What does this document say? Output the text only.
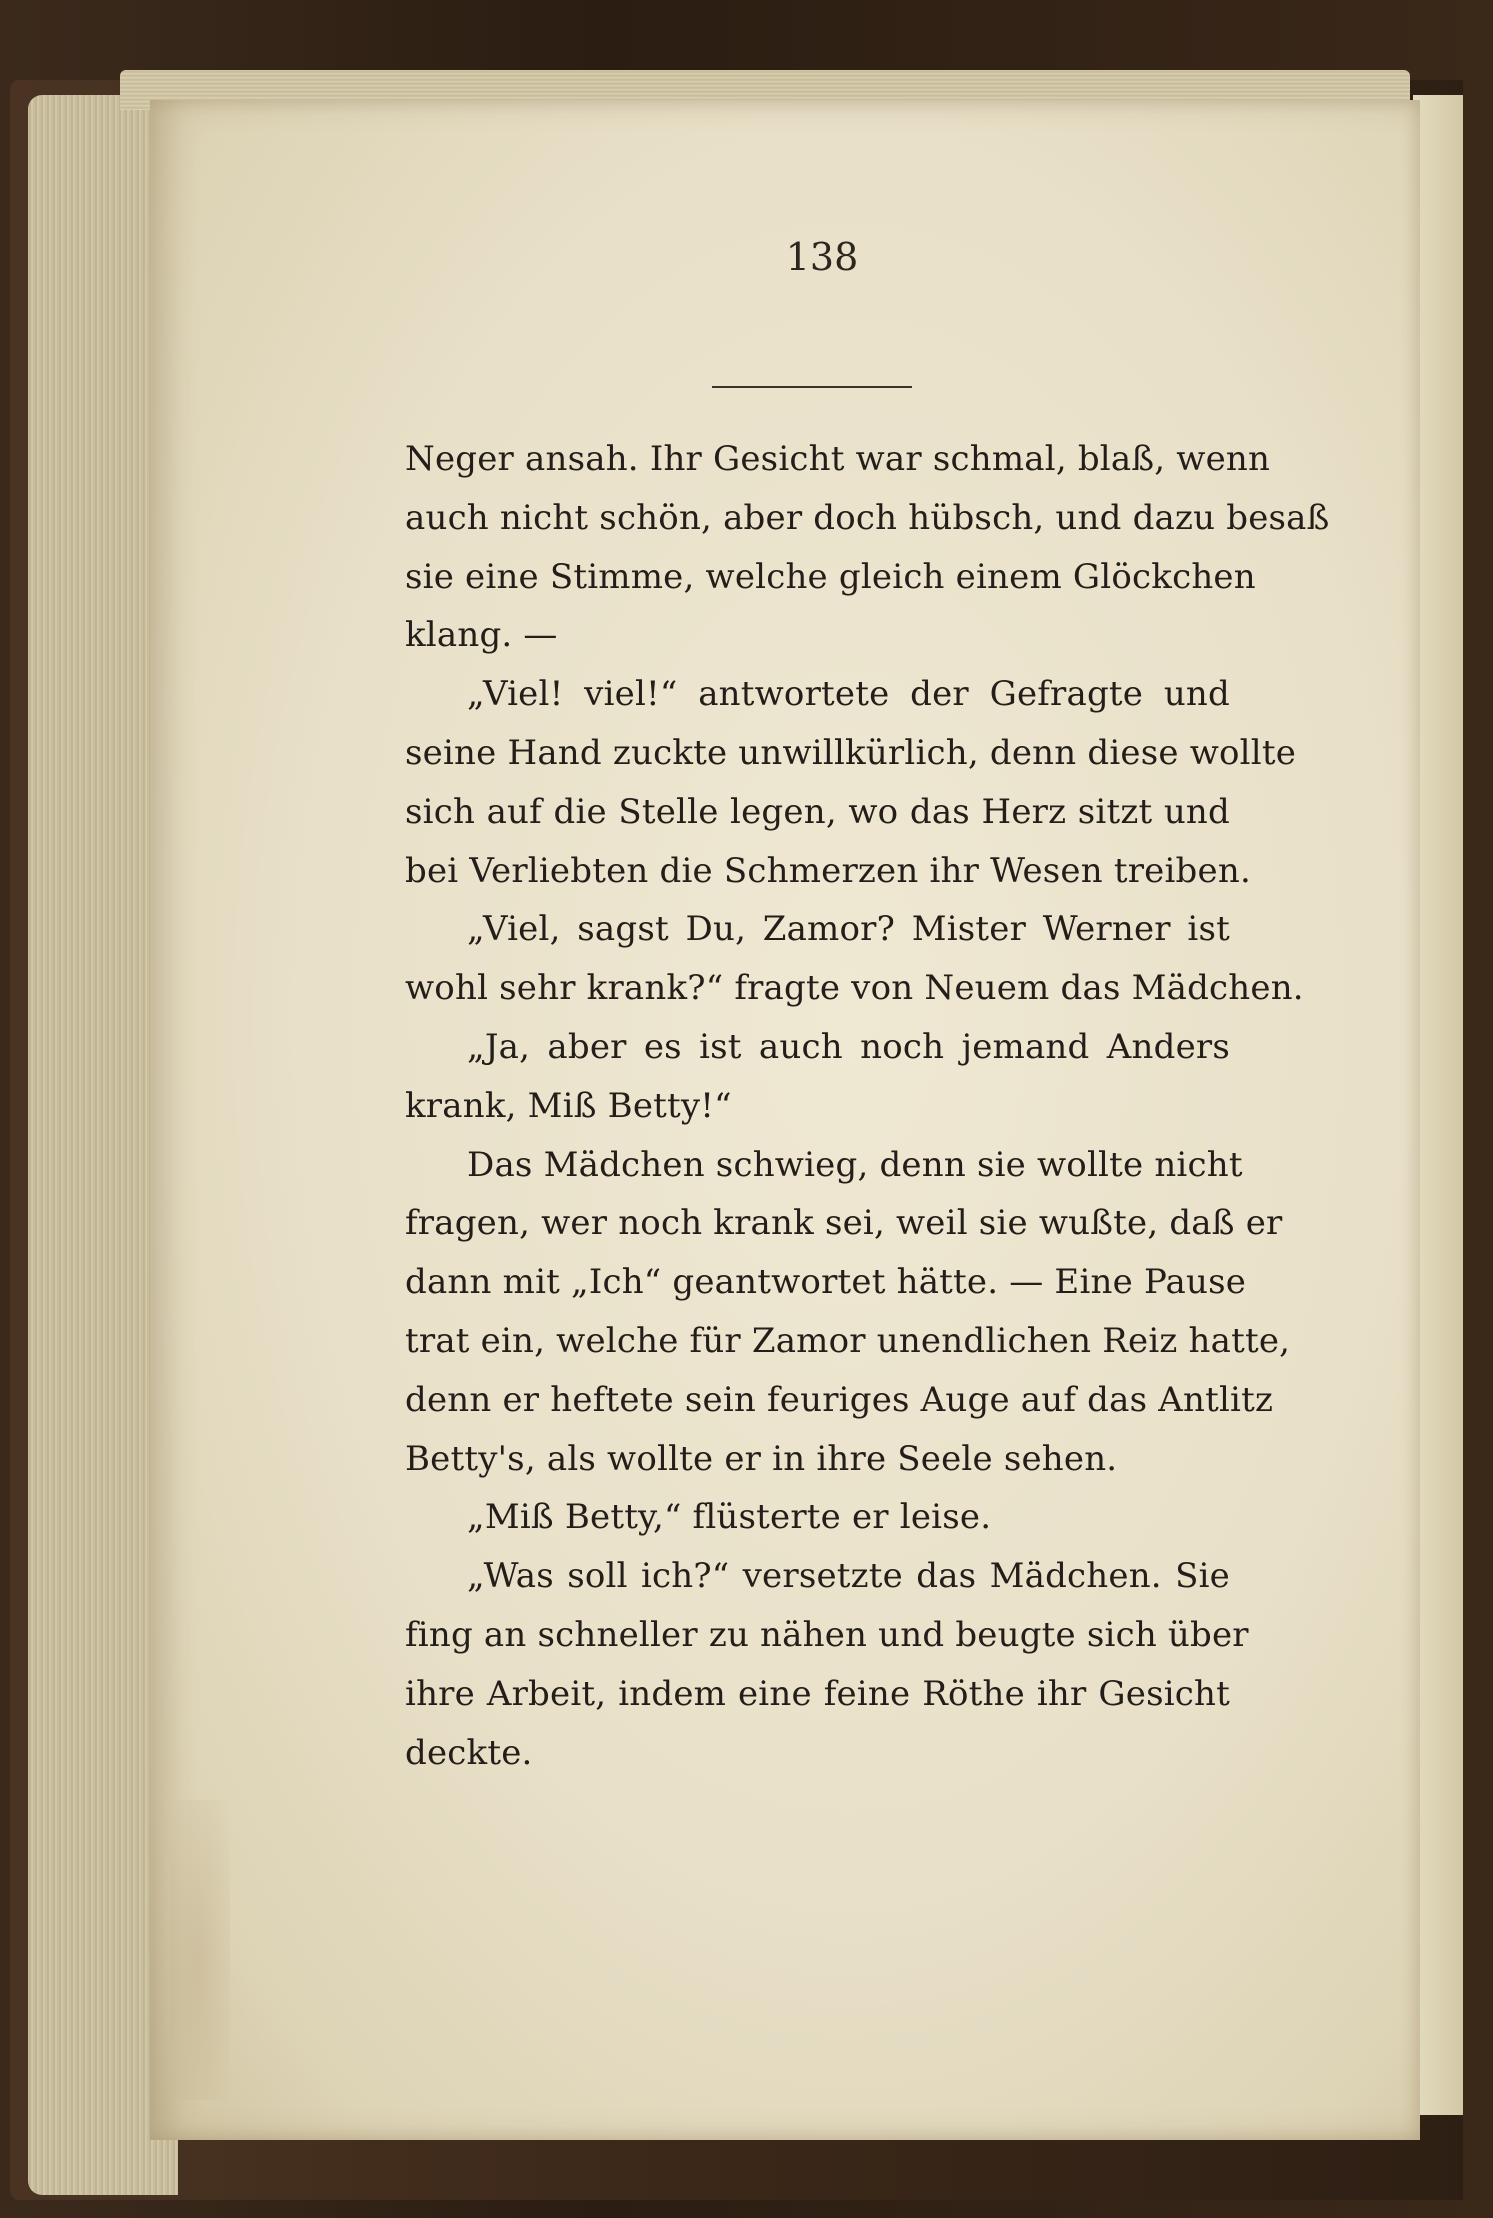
138
Neger ansah. Ihr Gesicht war schmal, blaß, wenn
auch nicht schön, aber doch hübsch, und dazu besaß
sie eine Stimme, welche gleich einem Glöckchen
klang. —
„Viel! viel!“ antwortete der Gefragte und
seine Hand zuckte unwillkürlich, denn diese wollte
sich auf die Stelle legen, wo das Herz sitzt und
bei Verliebten die Schmerzen ihr Wesen treiben.
„Viel, sagst Du, Zamor? Mister Werner ist
wohl sehr krank?“ fragte von Neuem das Mädchen.
„Ja, aber es ist auch noch jemand Anders
krank, Miß Betty!“
Das Mädchen schwieg, denn sie wollte nicht
fragen, wer noch krank sei, weil sie wußte, daß er
dann mit „Ich“ geantwortet hätte. — Eine Pause
trat ein, welche für Zamor unendlichen Reiz hatte,
denn er heftete sein feuriges Auge auf das Antlitz
Betty's, als wollte er in ihre Seele sehen.
„Miß Betty,“ flüsterte er leise.
„Was soll ich?“ versetzte das Mädchen. Sie
fing an schneller zu nähen und beugte sich über
ihre Arbeit, indem eine feine Röthe ihr Gesicht
deckte.
